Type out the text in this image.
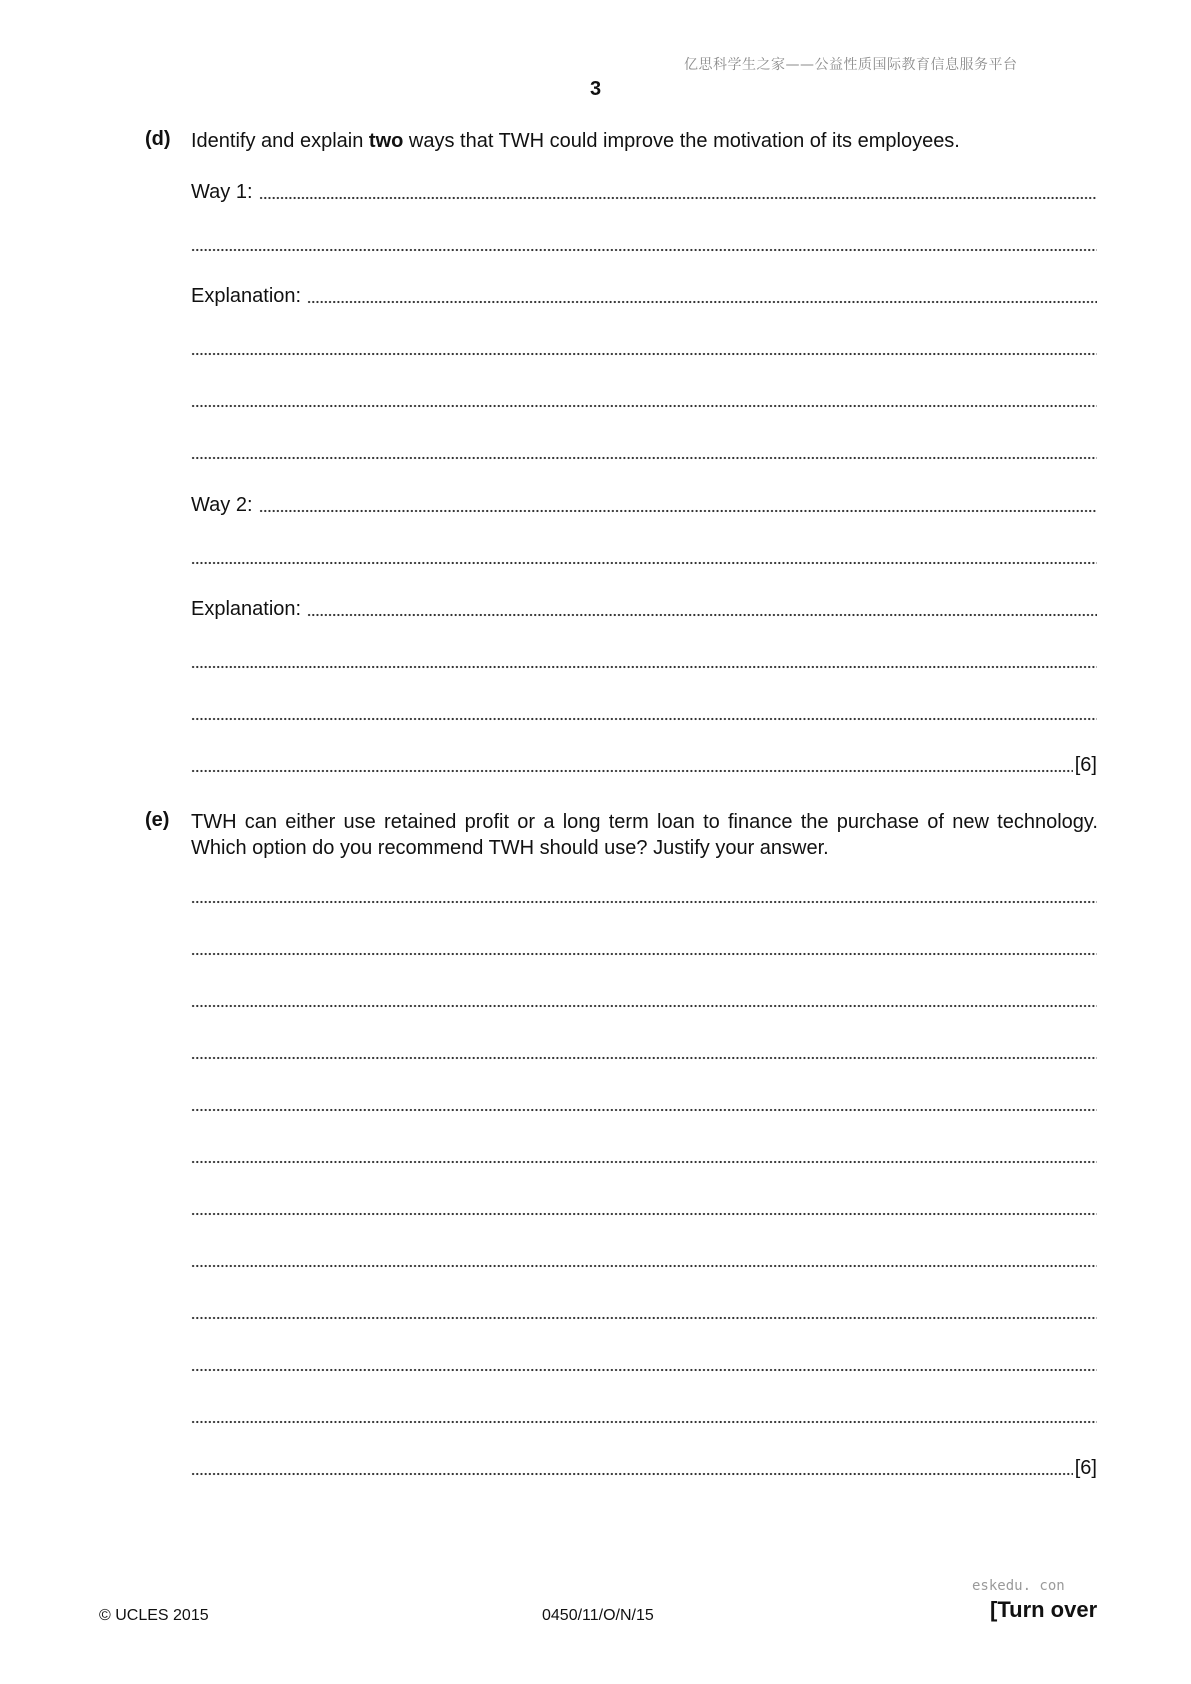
亿思科学生之家——公益性质国际教育信息服务平台
3
(d) Identify and explain two ways that TWH could improve the motivation of its employees.
Way 1:
Explanation:
Way 2:
Explanation:
[6]
(e) TWH can either use retained profit or a long term loan to finance the purchase of new technology. Which option do you recommend TWH should use? Justify your answer.
[6]
eskedu. con
© UCLES 2015	0450/11/O/N/15	[Turn over
